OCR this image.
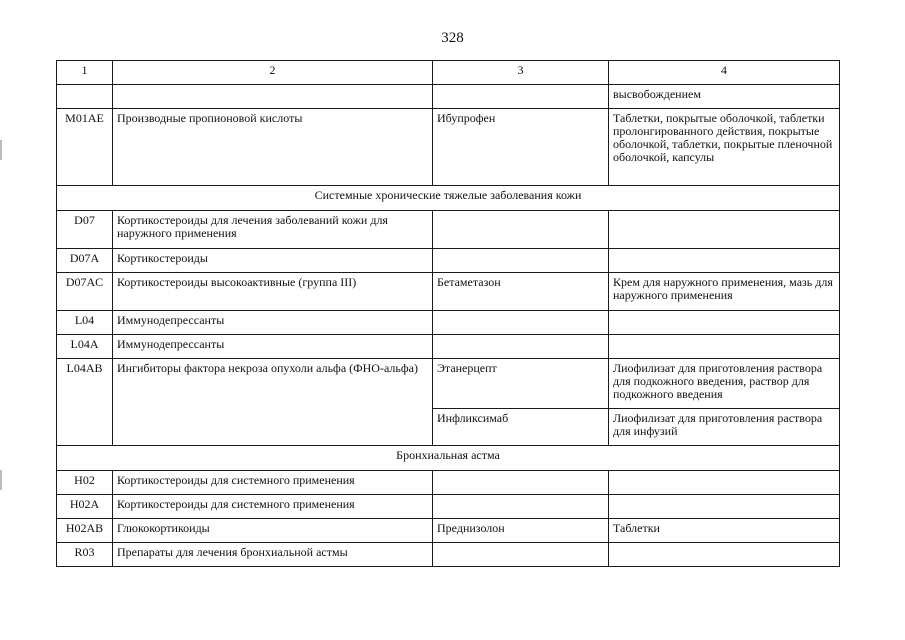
328
1	2	3	4
			высвобождением
M01AE	Производные пропионовой кислоты	Ибупрофен	Таблетки, покрытые оболочкой, таблетки пролонгированного действия, покрытые оболочкой, таблетки, покрытые пленочной оболочкой, капсулы
Системные хронические тяжелые заболевания кожи			
D07	Кортикостероиды для лечения заболеваний кожи для наружного применения		
D07A	Кортикостероиды		
D07AC	Кортикостероиды высокоактивные (группа III)	Бетаметазон	Крем для наружного применения, мазь для наружного применения
L04	Иммунодепрессанты		
L04A	Иммунодепрессанты		
L04AB	Ингибиторы фактора некроза опухоли альфа (ФНО-альфа)	Этанерцепт	Лиофилизат для приготовления раствора для подкожного введения, раствор для подкожного введения
		Инфликсимаб	Лиофилизат для приготовления раствора для инфузий
Бронхиальная астма			
H02	Кортикостероиды для системного применения		
H02A	Кортикостероиды для системного применения		
H02AB	Глюкокортикоиды	Преднизолон	Таблетки
R03	Препараты для лечения бронхиальной астмы		
